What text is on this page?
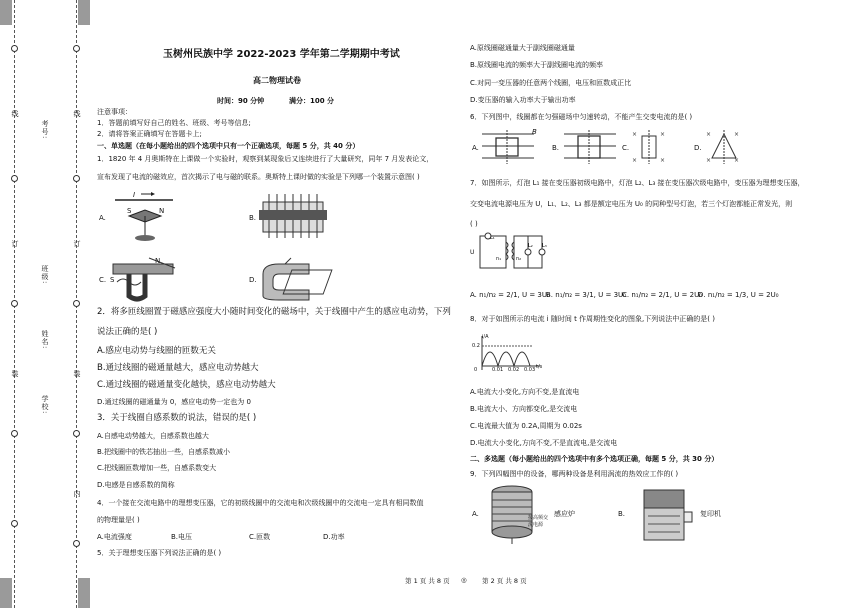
线
订
装
考号:
班级:
姓名:
学校:
线
订
装
内
玉树州民族中学 2022-2023 学年第二学期期中考试
高二物理试卷
时间：90 分钟	满分：100 分
注意事项：
1．答题前填写好自己的姓名、班级、考号等信息;
2．请将答案正确填写在答题卡上;
一、单选题（在每小题给出的四个选项中只有一个正确选项，每题 5 分，共 40 分）
1．1820 年 4 月奥斯特在上课做一个实验时，观察到某现象后又连续进行了大量研究，同年 7 月发表论文，
宣布发现了电流的磁效应，首次揭示了电与磁的联系。奥斯特上课时做的实验是下列哪一个装置示意图( )
A.
I
S	N
B.
C. S
N
D.
2．将多匝线圈置于磁感应强度大小随时间变化的磁场中，关于线圈中产生的感应电动势，下列
说法正确的是( )
A.感应电动势与线圈的匝数无关
B.通过线圈的磁通量越大，感应电动势越大
C.通过线圈的磁通量变化越快，感应电动势越大
D.通过线圈的磁通量为 0，感应电动势一定也为 0
3．关于线圈自感系数的说法，错误的是( )
A.自感电动势越大，自感系数也越大
B.把线圈中的铁芯抽出一些，自感系数减小
C.把线圈匝数增加一些，自感系数变大
D.电感是自感系数的简称
4．一个接在交流电路中的理想变压器，它的初级线圈中的交流电和次级线圈中的交流电一定具有相同数值
的物理量是( )
A.电流强度	B.电压	C.匝数	D.功率
5．关于理想变压器下列说法正确的是( )
A.原线圈磁通量大于副线圈磁通量
B.原线圈电流的频率大于副线圈电流的频率
C.对同一变压器的任意两个线圈，电压和匝数成正比
D.变压器的输入功率大于输出功率
6．下列图中，线圈都在匀强磁场中匀速转动，不能产生交变电流的是( )
A.
B
B.	C.
×	×
×	×
D.
×	×
×	×
7．如图所示，灯泡 L₁ 接在变压器初级电路中，灯泡 L₂、L₃ 接在变压器次级电路中，变压器为理想变压器，
交变电流电源电压为 U，L₁、L₂、L₃ 都是额定电压为 U₀ 的同种型号灯泡，若三个灯泡都能正常发光，则
( )
U
L₁
L₂ L₃
n₁	n₂
A. n₁/n₂ = 2/1, U = 3U₀
B. n₁/n₂ = 3/1, U = 3U₀
C. n₁/n₂ = 2/1, U = 2U₀
D. n₁/n₂ = 1/3, U = 2U₀
8．对于如图所示的电流 i 随时间 t 作周期性变化的图象,下列说法中正确的是( )
i/A
0.2
0	0.01 0.02 0.03 t/s
A.电流大小变化,方向不变,是直流电
B.电流大小、方向都变化,是交流电
C.电流最大值为 0.2A,周期为 0.02s
D.电流大小变化,方向不变,不是直流电,是交流电
二、多选题（每小题给出的四个选项中有多个选项正确，每题 5 分，共 30 分）
9．下列四幅图中的设备，哪两种设备是利用涡流的热效应工作的( )
A.	感应炉
接高频交
流电源
B.	复印机
第 1 页 共 8 页 ◎ 第 2 页 共 8 页
